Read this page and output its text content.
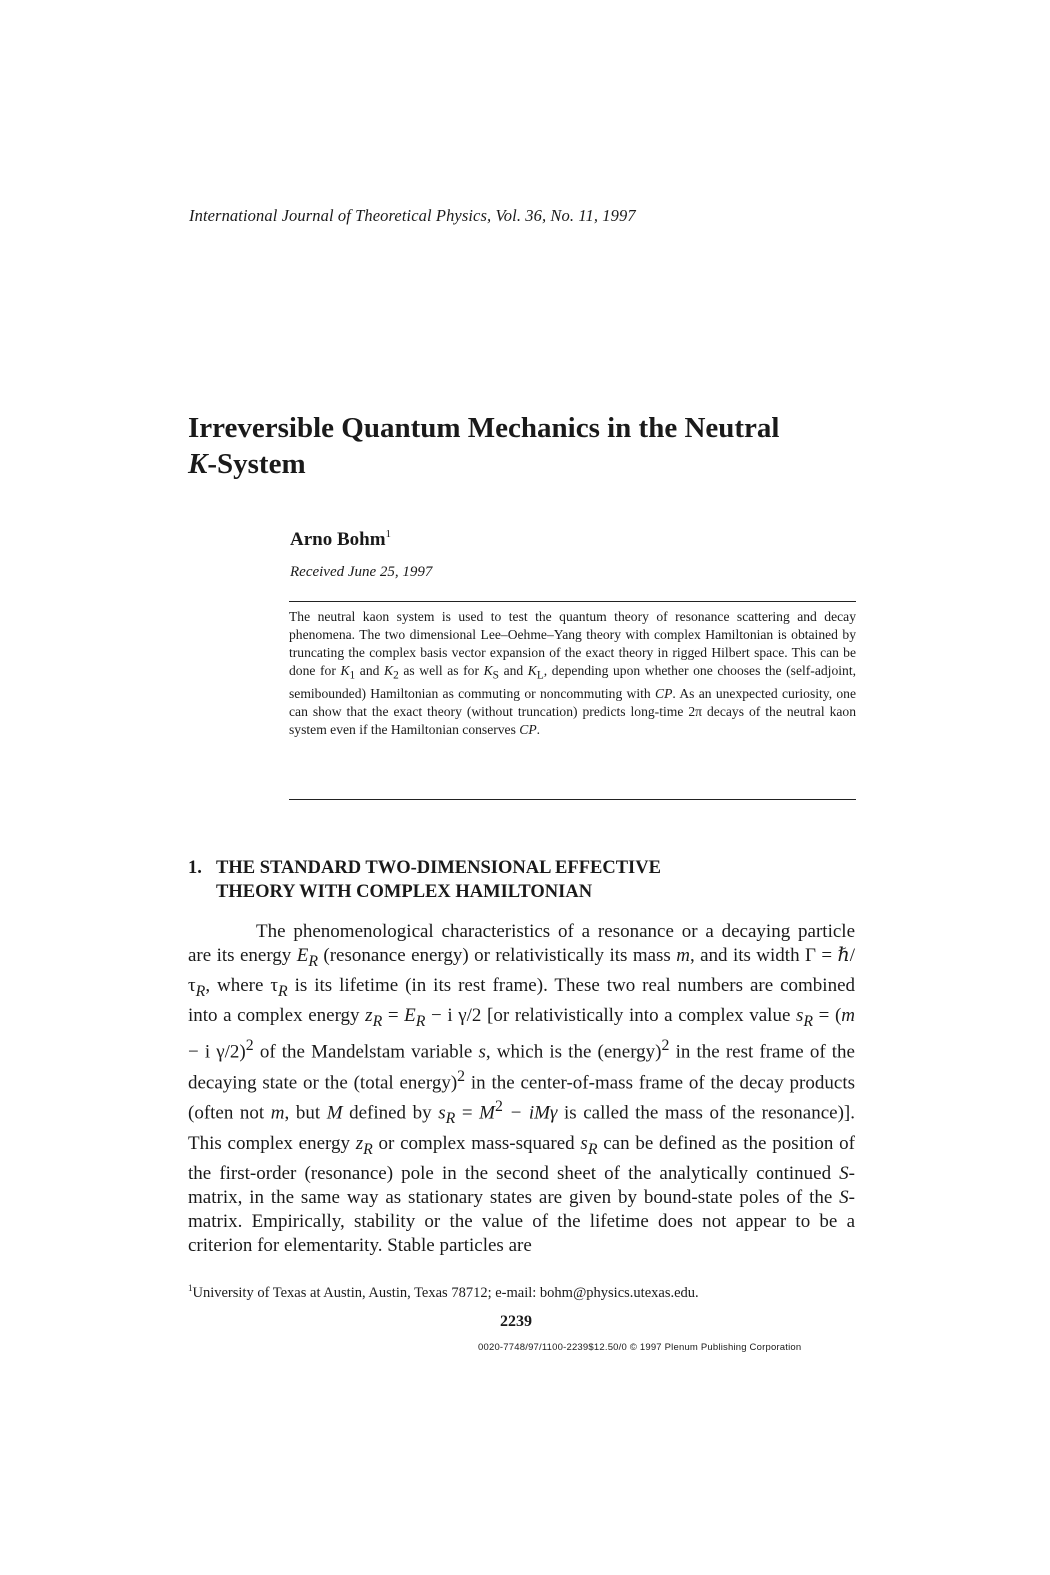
International Journal of Theoretical Physics, Vol. 36, No. 11, 1997
Irreversible Quantum Mechanics in the Neutral
K-System
Arno Bohm$^1$
Received June 25, 1997

The neutral kaon system is used to test the quantum theory of resonance scattering and decay phenomena. The two dimensional Lee–Oehme–Yang theory with complex Hamiltonian is obtained by truncating the complex basis vector expansion of the exact theory in rigged Hilbert space. This can be done for $K_1$ and $K_2$ as well as for $K_S$ and $K_L$, depending upon whether one chooses the (self-adjoint, semibounded) Hamiltonian as commuting or noncommuting with CP. As an unexpected curiosity, one can show that the exact theory (without truncation) predicts long-time 2π decays of the neutral kaon system even if the Hamiltonian conserves CP.

1. THE STANDARD TWO-DIMENSIONAL EFFECTIVE
THEORY WITH COMPLEX HAMILTONIAN

The phenomenological characteristics of a resonance or a decaying particle are its energy $E_R$ (resonance energy) or relativistically its mass m, and its width $\Gamma = \hbar/\tau_R$, where $\tau_R$ is its lifetime (in its rest frame). These two real numbers are combined into a complex energy $z_R = E_R - i$ γ/2 [or relativistically into a complex value $s_R = (m - i$ γ/2)$^2$ of the Mandelstam variable s, which is the (energy)$^2$ in the rest frame of the decaying state or the (total energy)$^2$ in the center-of-mass frame of the decay products (often not m, but M defined by $s_R = M^2 - iM\gamma$ is called the mass of the resonance)]. This complex energy $z_R$ or complex mass-squared $s_R$ can be defined as the position of the first-order (resonance) pole in the second sheet of the analytically continued S-matrix, in the same way as stationary states are given by bound-state poles of the S-matrix. Empirically, stability or the value of the lifetime does not appear to be a criterion for elementarity. Stable particles are

$^1$University of Texas at Austin, Austin, Texas 78712; e-mail: bohm@physics.utexas.edu.
2239
0020-7748/97/1100-2239$12.50/0 © 1997 Plenum Publishing Corporation
